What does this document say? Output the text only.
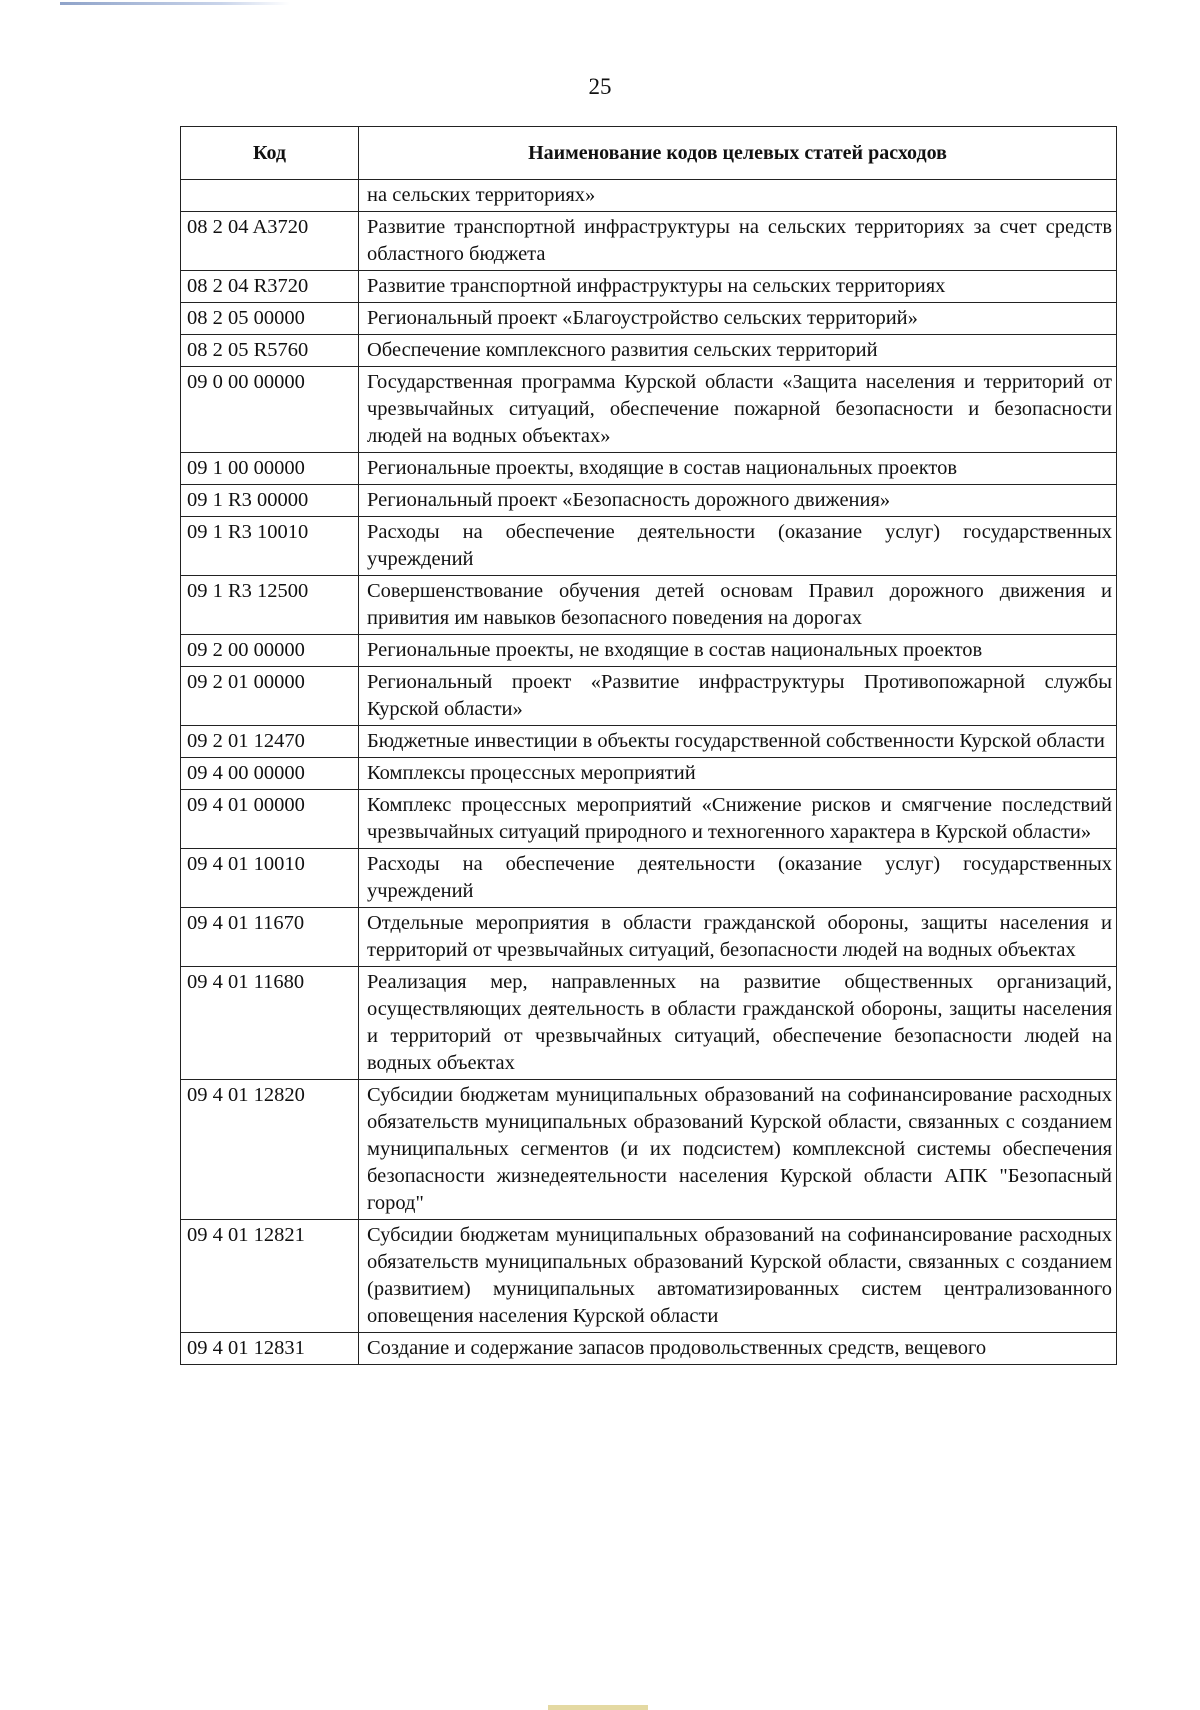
25
Код	Наименование кодов целевых статей расходов
	на сельских территориях»
08 2 04 A3720	Развитие транспортной инфраструктуры на сельских территориях за счет средств областного бюджета
08 2 04 R3720	Развитие транспортной инфраструктуры на сельских территориях
08 2 05 00000	Региональный проект «Благоустройство сельских территорий»
08 2 05 R5760	Обеспечение комплексного развития сельских территорий
09 0 00 00000	Государственная программа Курской области «Защита населения и территорий от чрезвычайных ситуаций, обеспечение пожарной безопасности и безопасности людей на водных объектах»
09 1 00 00000	Региональные проекты, входящие в состав национальных проектов
09 1 R3 00000	Региональный проект «Безопасность дорожного движения»
09 1 R3 10010	Расходы на обеспечение деятельности (оказание услуг) государственных учреждений
09 1 R3 12500	Совершенствование обучения детей основам Правил дорожного движения и привития им навыков безопасного поведения на дорогах
09 2 00 00000	Региональные проекты, не входящие в состав национальных проектов
09 2 01 00000	Региональный проект «Развитие инфраструктуры Противопожарной службы Курской области»
09 2 01 12470	Бюджетные инвестиции в объекты государственной собственности Курской области
09 4 00 00000	Комплексы процессных мероприятий
09 4 01 00000	Комплекс процессных мероприятий «Снижение рисков и смягчение последствий чрезвычайных ситуаций природного и техногенного характера в Курской области»
09 4 01 10010	Расходы на обеспечение деятельности (оказание услуг) государственных учреждений
09 4 01 11670	Отдельные мероприятия в области гражданской обороны, защиты населения и территорий от чрезвычайных ситуаций, безопасности людей на водных объектах
09 4 01 11680	Реализация мер, направленных на развитие общественных организаций, осуществляющих деятельность в области гражданской обороны, защиты населения и территорий от чрезвычайных ситуаций, обеспечение безопасности людей на водных объектах
09 4 01 12820	Субсидии бюджетам муниципальных образований на софинансирование расходных обязательств муниципальных образований Курской области, связанных с созданием муниципальных сегментов (и их подсистем) комплексной системы обеспечения безопасности жизнедеятельности населения Курской области АПК "Безопасный город"
09 4 01 12821	Субсидии бюджетам муниципальных образований на софинансирование расходных обязательств муниципальных образований Курской области, связанных с созданием (развитием) муниципальных автоматизированных систем централизованного оповещения населения Курской области
09 4 01 12831	Создание и содержание запасов продовольственных средств, вещевого
